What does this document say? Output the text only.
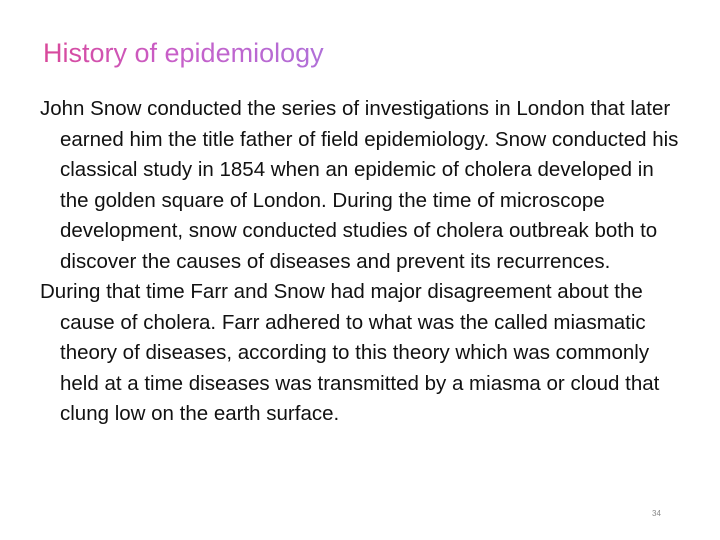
History of epidemiology

John Snow conducted the series of investigations in London that later earned him the title father of field epidemiology. Snow conducted his classical study in 1854 when an epidemic of cholera developed in the golden square of London. During the time of microscope development, snow conducted studies of cholera outbreak both to discover the causes of diseases and prevent its recurrences.

During that time Farr and Snow had major disagreement about the cause of cholera. Farr adhered to what was the called miasmatic theory of diseases, according to this theory which was commonly held at a time diseases was transmitted by a miasma or cloud that clung low on the earth surface.

34
